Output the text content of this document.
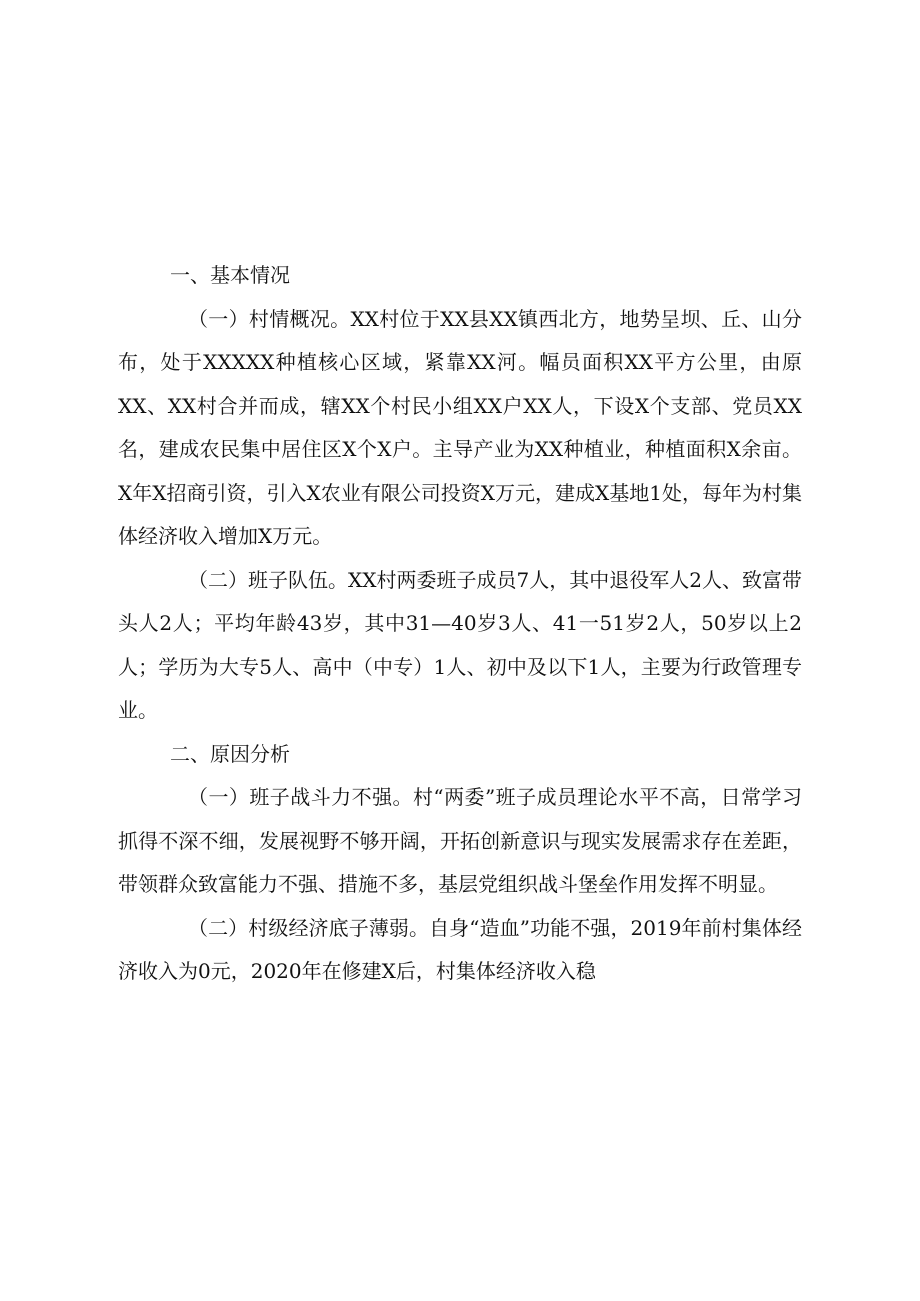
一、基本情况

（一）村情概况。XX村位于XX县XX镇西北方，地势呈坝、丘、山分布，处于XXXXX种植核心区域，紧靠XX河。幅员面积XX平方公里，由原XX、XX村合并而成，辖XX个村民小组XX户XX人，下设X个支部、党员XX名，建成农民集中居住区X个X户。主导产业为XX种植业，种植面积X余亩。X年X招商引资，引入X农业有限公司投资X万元，建成X基地1处，每年为村集体经济收入增加X万元。

（二）班子队伍。XX村两委班子成员7人，其中退役军人2人、致富带头人2人；平均年龄43岁，其中31—40岁3人、41一51岁2人，50岁以上2人；学历为大专5人、高中（中专）1人、初中及以下1人，主要为行政管理专业。

二、原因分析

（一）班子战斗力不强。村“两委”班子成员理论水平不高，日常学习抓得不深不细，发展视野不够开阔，开拓创新意识与现实发展需求存在差距，带领群众致富能力不强、措施不多，基层党组织战斗堡垒作用发挥不明显。

（二）村级经济底子薄弱。自身“造血”功能不强，2019年前村集体经济收入为0元，2020年在修建X后，村集体经济收入稳
